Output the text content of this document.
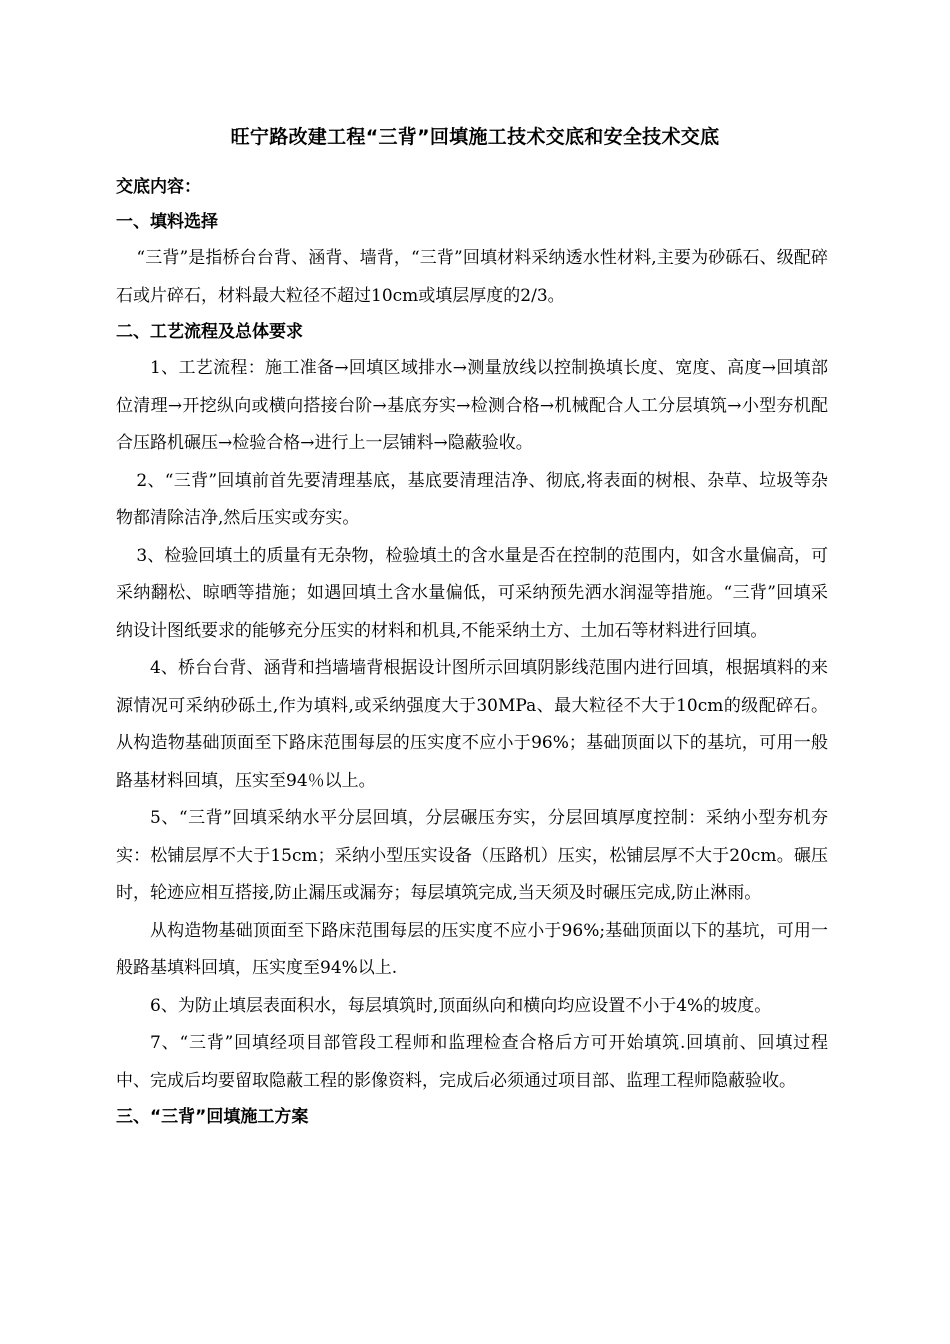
旺宁路改建工程“三背”回填施工技术交底和安全技术交底
交底内容：
一、填料选择

“三背”是指桥台台背、涵背、墙背，“三背”回填材料采纳透水性材料,主要为砂砾石、级配碎石或片碎石，材料最大粒径不超过10cm或填层厚度的2/3。

二、工艺流程及总体要求

1、工艺流程：施工准备→回填区域排水→测量放线以控制换填长度、宽度、高度→回填部位清理→开挖纵向或横向搭接台阶→基底夯实→检测合格→机械配合人工分层填筑→小型夯机配合压路机碾压→检验合格→进行上一层铺料→隐蔽验收。

2、“三背”回填前首先要清理基底，基底要清理洁净、彻底,将表面的树根、杂草、垃圾等杂物都清除洁净,然后压实或夯实。

3、检验回填土的质量有无杂物，检验填土的含水量是否在控制的范围内，如含水量偏高，可采纳翻松、晾晒等措施；如遇回填土含水量偏低，可采纳预先洒水润湿等措施。“三背”回填采纳设计图纸要求的能够充分压实的材料和机具,不能采纳土方、土加石等材料进行回填。

4、桥台台背、涵背和挡墙墙背根据设计图所示回填阴影线范围内进行回填，根据填料的来源情况可采纳砂砾土,作为填料,或采纳强度大于30MPa、最大粒径不大于10cm的级配碎石。从构造物基础顶面至下路床范围每层的压实度不应小于96%；基础顶面以下的基坑，可用一般路基材料回填，压实至94％以上。

5、“三背”回填采纳水平分层回填，分层碾压夯实，分层回填厚度控制：采纳小型夯机夯实：松铺层厚不大于15cm；采纳小型压实设备（压路机）压实，松铺层厚不大于20cm。碾压时，轮迹应相互搭接,防止漏压或漏夯；每层填筑完成,当天须及时碾压完成,防止淋雨。

从构造物基础顶面至下路床范围每层的压实度不应小于96%;基础顶面以下的基坑，可用一般路基填料回填，压实度至94%以上.

6、为防止填层表面积水，每层填筑时,顶面纵向和横向均应设置不小于4%的坡度。

7、“三背”回填经项目部管段工程师和监理检查合格后方可开始填筑.回填前、回填过程中、完成后均要留取隐蔽工程的影像资料，完成后必须通过项目部、监理工程师隐蔽验收。

三、“三背”回填施工方案
